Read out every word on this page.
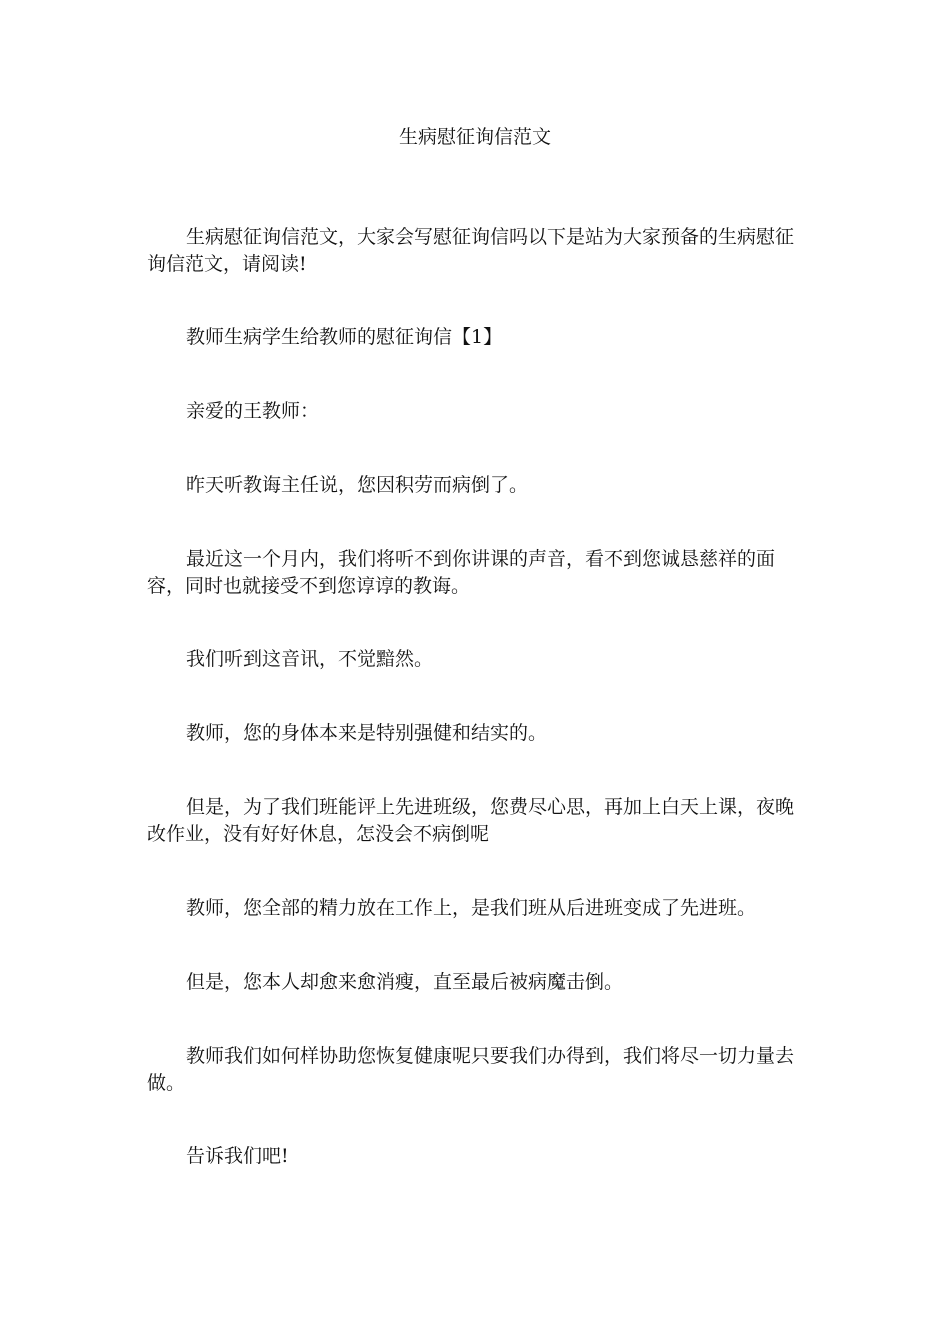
生病慰征询信范文

生病慰征询信范文，大家会写慰征询信吗以下是站为大家预备的生病慰征询信范文，请阅读!

教师生病学生给教师的慰征询信【1】

亲爱的王教师：

昨天听教诲主任说，您因积劳而病倒了。

最近这一个月内，我们将听不到你讲课的声音，看不到您诚恳慈祥的面容，同时也就接受不到您谆谆的教诲。

我们听到这音讯，不觉黯然。

教师，您的身体本来是特别强健和结实的。

但是，为了我们班能评上先进班级，您费尽心思，再加上白天上课，夜晚改作业，没有好好休息，怎没会不病倒呢

教师，您全部的精力放在工作上，是我们班从后进班变成了先进班。

但是，您本人却愈来愈消瘦，直至最后被病魔击倒。

教师我们如何样协助您恢复健康呢只要我们办得到，我们将尽一切力量去做。

告诉我们吧!
